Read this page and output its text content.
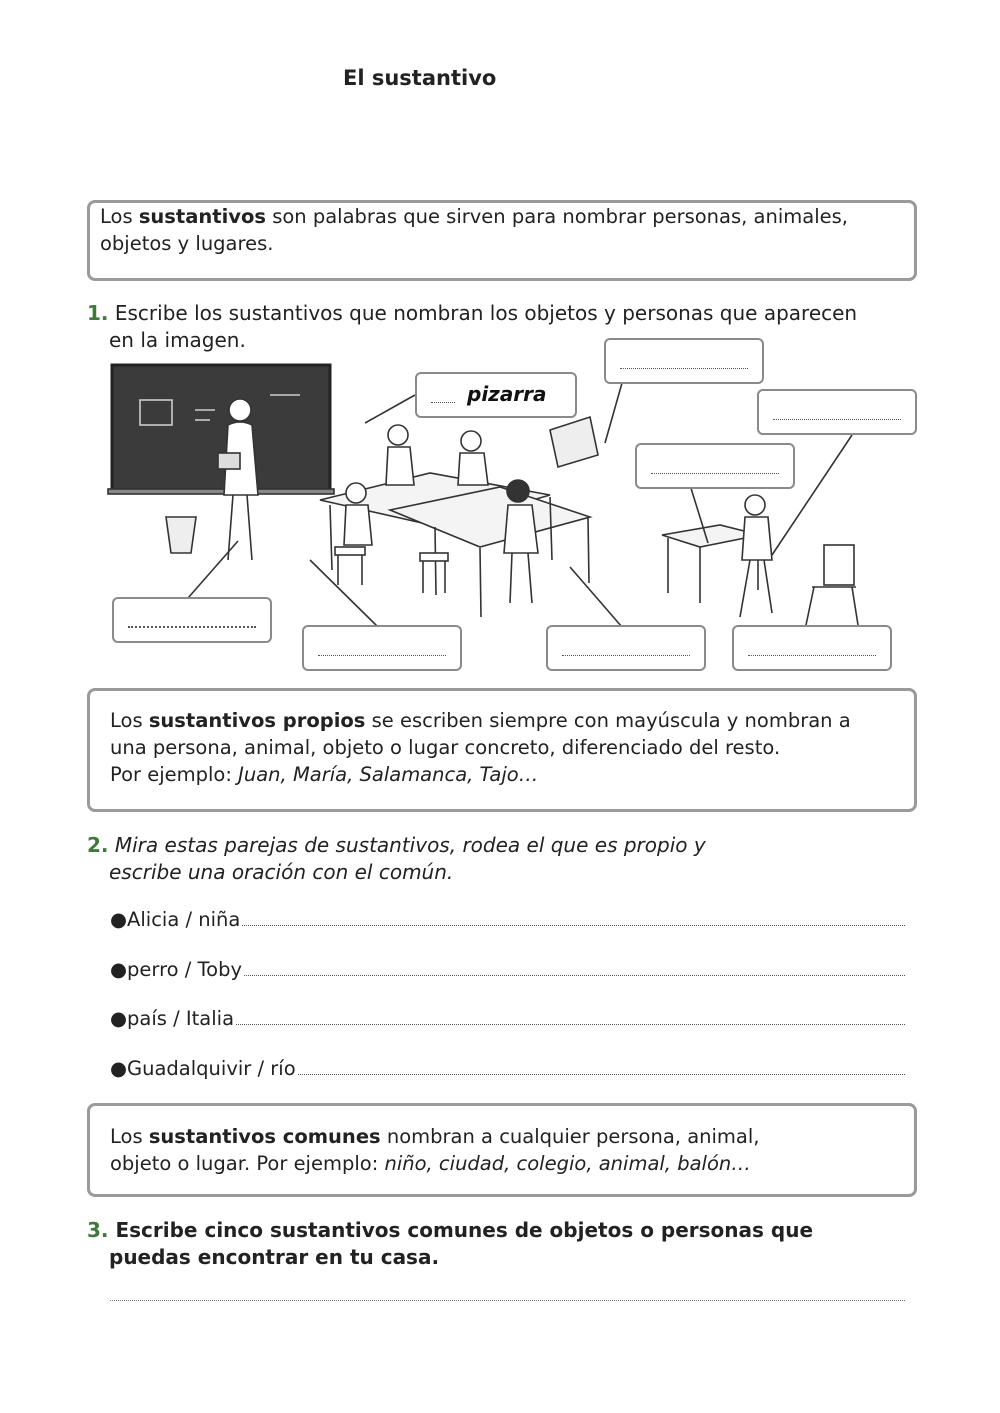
El sustantivo
Los sustantivos son palabras que sirven para nombrar personas, animales,
objetos y lugares.
1. Escribe los sustantivos que nombran los objetos y personas que aparecen
en la imagen.
pizarra
Los sustantivos propios se escriben siempre con mayúscula y nombran a
una persona, animal, objeto o lugar concreto, diferenciado del resto.
Por ejemplo: Juan, María, Salamanca, Tajo…
2. Mira estas parejas de sustantivos, rodea el que es propio y
escribe una oración con el común.
●Alicia / niña
●perro / Toby
●país / Italia
●Guadalquivir / río
Los sustantivos comunes nombran a cualquier persona, animal,
objeto o lugar. Por ejemplo: niño, ciudad, colegio, animal, balón…
3. Escribe cinco sustantivos comunes de objetos o personas que
puedas encontrar en tu casa.
